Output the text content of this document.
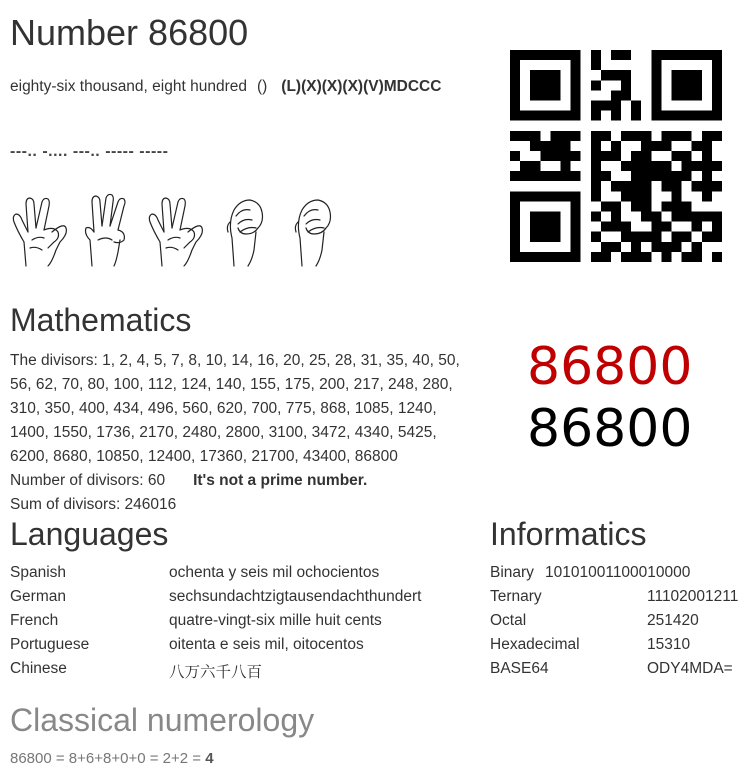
Number 86800
eighty-six thousand, eight hundred () (L)(X)(X)(X)(V)MDCCC
---.. -.... ---.. ----- -----
Mathematics
The divisors: 1, 2, 4, 5, 7, 8, 10, 14, 16, 20, 25, 28, 31, 35, 40, 50, 56, 62, 70, 80, 100, 112, 124, 140, 155, 175, 200, 217, 248, 280, 310, 350, 400, 434, 496, 560, 620, 700, 775, 868, 1085, 1240, 1400, 1550, 1736, 2170, 2480, 2800, 3100, 3472, 4340, 5425, 6200, 8680, 10850, 12400, 17360, 21700, 43400, 86800
Number of divisors: 60 It's not a prime number.
Sum of divisors: 246016
86800
86800
Languages
Spanish	ochenta y seis mil ochocientos
German	sechsundachtzigtausendachthundert
French	quatre-vingt-six mille huit cents
Portuguese	oitenta e seis mil, oitocentos
Chinese	八万六千八百
Informatics
Binary 10101001100010000
Ternary	11102001211
Octal	251420
Hexadecimal	15310
BASE64	ODY4MDA=
Classical numerology
86800 = 8+6+8+0+0 = 2+2 = 4
